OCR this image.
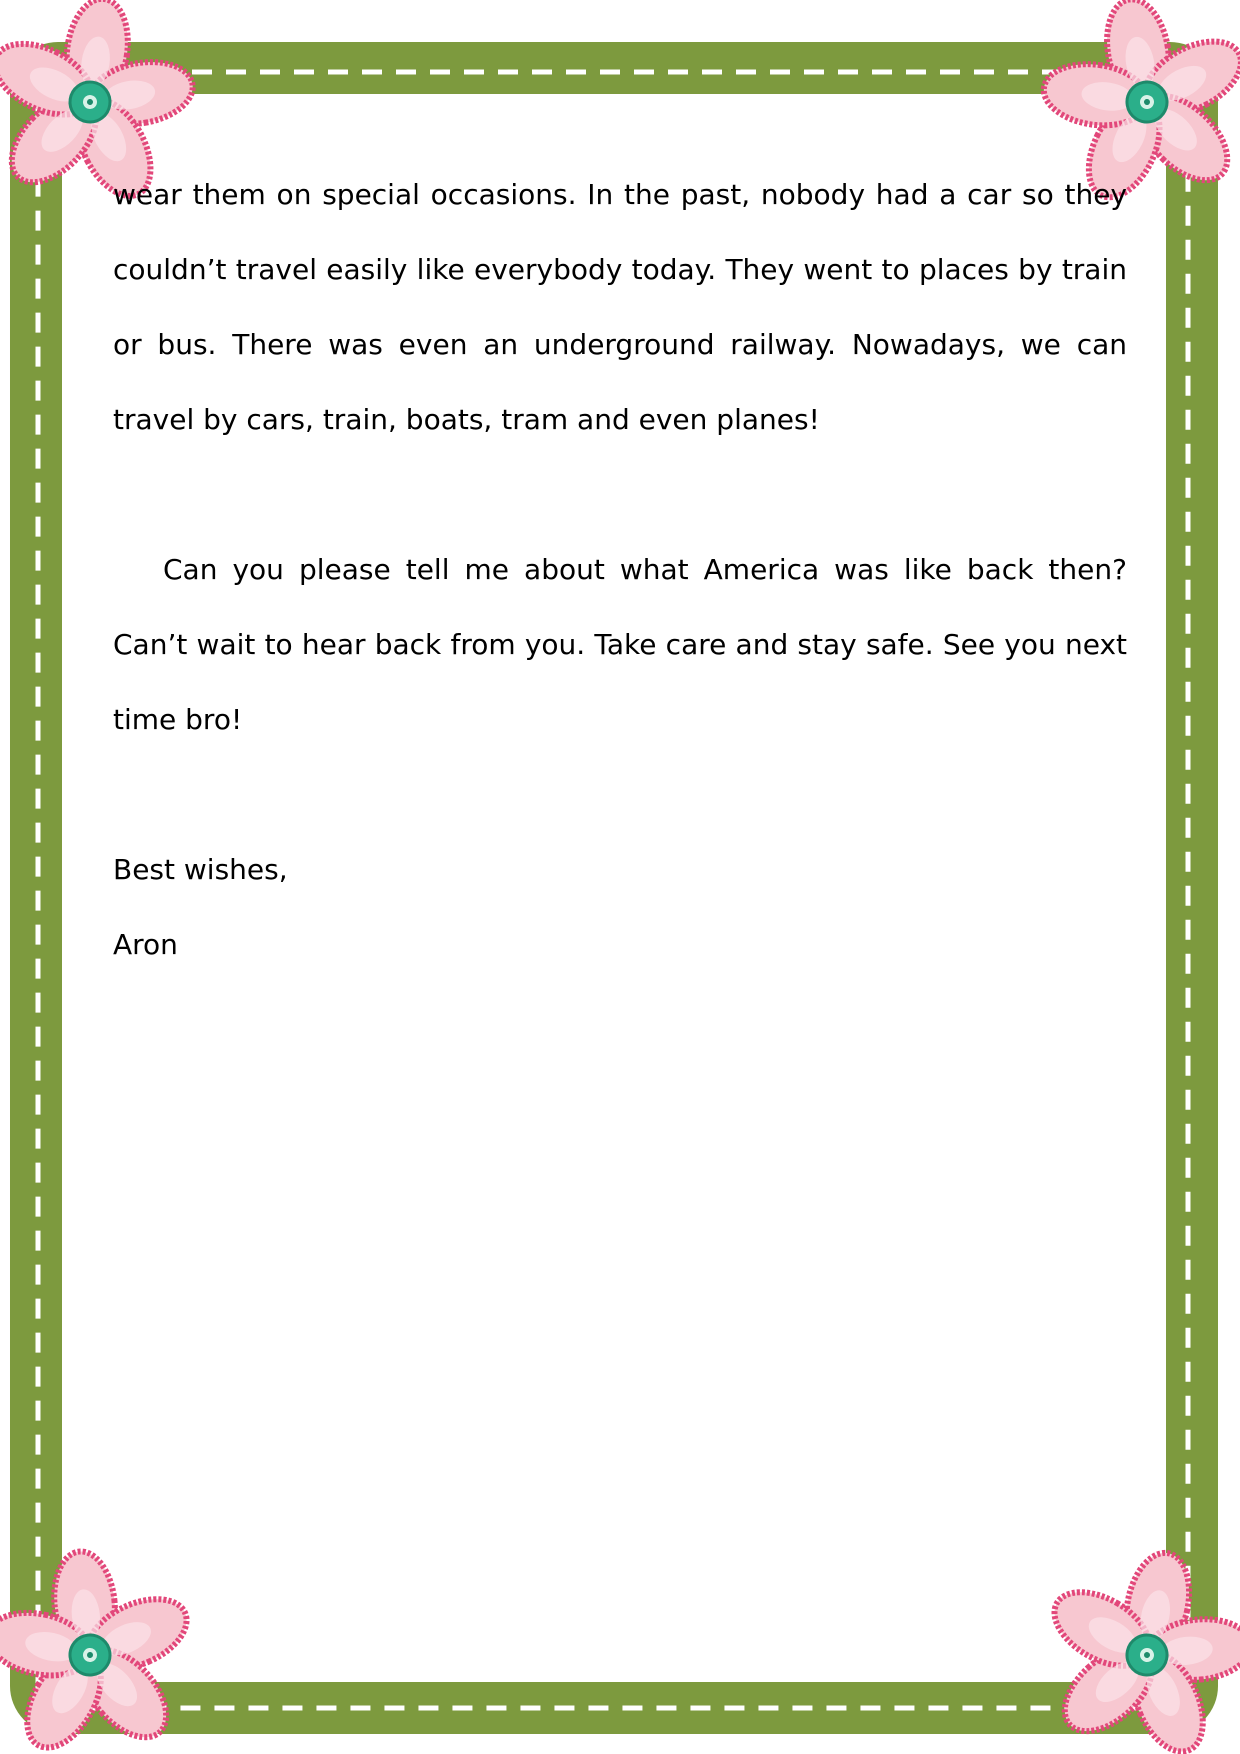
wear them on special occasions. In the past, nobody had a car so they couldn’t travel easily like everybody today. They went to places by train or bus. There was even an underground railway. Nowadays, we can travel by cars, train, boats, tram and even planes!

Can you please tell me about what America was like back then? Can’t wait to hear back from you. Take care and stay safe. See you next time bro!

Best wishes,

Aron
